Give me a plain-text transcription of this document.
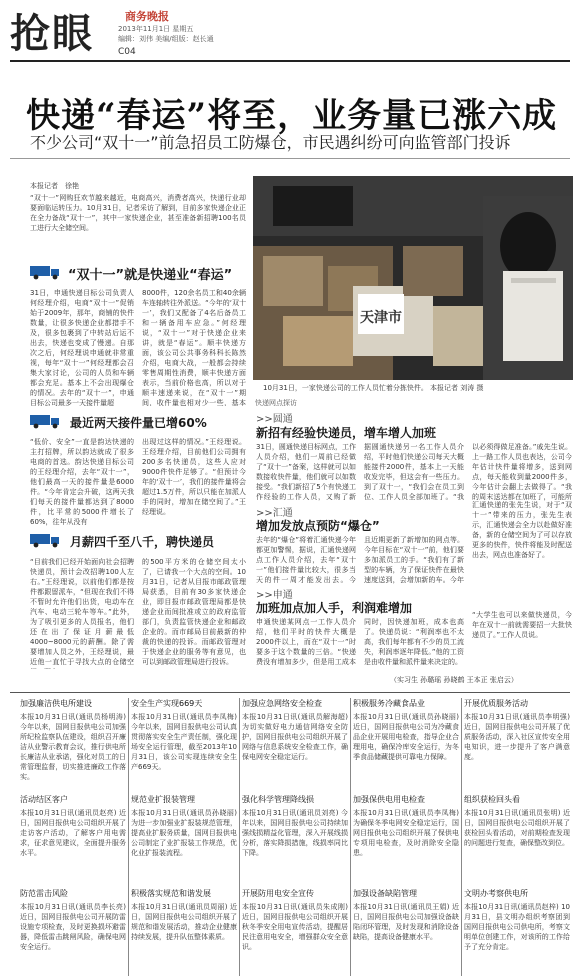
抢眼	商务晚报
2013年11月1日 星期五
编辑：刘伟 美编/组版：赵长通
C04
快递“春运”将至，业务量已涨六成
不少公司“双十一”前急招员工防爆仓，市民遇纠纷可向监管部门投诉
本报记者　徐艳
“双十一”网购狂欢节越来越近，电商高兴，消费者高兴，快递行业却要面临运转压力。10月31日，记者采访了解到，目前多家快递企业正在全力备战“双十一”，其中一家快递企业，甚至准备新招聘100名员工进行大全储空间。
“双十一”就是快递业“春运”
31日，申通快递目标公司负责人何经理介绍，电商“双十一”促销始于2009年，那年，商铺的快件数量，让很多快递企业都措手不及，很多包裹到了中转站后运不出去，快递也变成了慢递。自那次之后，何经理说申通就非常重视，每年“双十一”何经理都会召集大家讨论，公司的人员和车辆都会充足。基本上不会出现爆仓的情况。去年的“双十一”，申通目标公司最多一天接件量超
8000件，120余名员工和40余辆车连轴转往外派送。“今年的‘双十一’，我们又配备了4名后备员工和一辆备用车应急。”何经理说，“双十一”对于快递企业来讲，就是“春运”。顺丰快递方面，该公司公共事务科科长陈然介绍，电商大战，一般都会持续零售周期性消费，顺丰快递方面表示，当前价格也高，所以对于顺丰速递来说，在“双十一”期间，收件量也相对少一些，基本
最近两天接件量已增60%
“低价、安全”一直是韵达快递的主打招牌，所以韵达就成了很多电商的首选。韵达快递目标公司的王经理介绍，去年“双十一”，他们最高一天的接件量是6000件。“今年肯定会升破，这两天我们每天的接件量都达到了8000件，比平常的5000件增长了60%，往年从没有
出现过这样的情况。”王经理说。王经理介绍，目前他们公司拥有200多名快递员，这些人应对9000件快件足够了。“但预计今年的‘双十一’，我们的接件量将会超过1.5万件，所以只能在加派人手的同时，增加在储空间了。”王经理说。
月薪四千至八千，聘快递员
“目前我们已经开始面向社会招聘快递员，预计会改招聘100人左右。”王经理说，以前他们都是按件都跟留派车，“但现在我们不得不暂时允许他们出货，电动车在汽车、电动三轮车等车。”此外，为了吸引更多的人员报名，他们还在出了保证月薪最低4000~8000元的薪酬。除了需要增加人员之外，王经理说，最近他一直忙于寻找大点的仓储空
的500平方米的仓储空间太小了，已请我一个大点的空间。10月31日，记者从目报市邮政管理局获悉，目前有30多家快递企业，即目报市邮政管理局都是快递企业而间批准或立的政府监管部门，负责监管快递企业和邮政企业的。而市邮局目前最新的仲裁的快递的投诉。而邮政管理对于快递企业的服务等有意见，也可以到邮政管理局进行投诉。
天津市
10月31日，一家快递公司的工作人员忙着分拣快件。 本报记者 刘涛 摄
快递网点探访
>>圆通
新招有经验快递员，增车增人加班
31日，圆通快递目标网点，工作人员介绍，他们一周前已经做了“双十一”备案，这样就可以如数接收快件量，他们就可以如数接受。“我们新招了5个有快递工作经验的工作人员，又购了新
据圆通快递另一名工作人员介绍，平时他们快递公司每天大概能接件2000件，基本上一天能收发完毕，但这会有一些压力。到了双十一，“我们会在员工到位、工作人员全部加班了。“我
以必须得做足准备。”戚先生说。上一路工作人员也表达，公司今年估计快件量将增多，送到网点，每天能收到量2000件多，今年估计会翻上去做得了。“我的周末送达都在加班了，可能所
>>汇通
增加发放点预防“爆仓”
去年的“爆仓”将着汇通快递今年都更加警惕，据说，汇通快递网点工作人员介绍，去年“双十一”他们接件量比较大，很多当天的件一周才能发出去。今
且近期更新了新增加的网点等。今年目标在“双十一”前，他们要多加派员工的手。“我们有了新型的车辆，为了保证快件在最快速度送到，会增加新的车。今年
汇通快递的张先生说，对于“双十一”带来的压力，张先生表示，汇通快递会全力以赴做好准备，新的仓储空间为了可以存放更多的快件，快件将能及时配送出去，网点也准备好了。
>>申通
加班加点加人手，利润难增加
申通快递某网点一工作人员介绍，他们平时的快件大概是2000件以上，而在“双十一”时要多于这个数量的三倍。“快递费没有增加多少，但是用工成本
同时，因快递加班，成本也高了。快递员说：“利润率也不太高，我们每年都有不少的员工流失，利润率逐年降低。”他的工资是由收件量和派件量来决定的。
“大学生也可以来做快递员，今年在双十一前就需要招一大批快递员了。”工作人员说。
（实习生 孙璐瑶 孙晓鹤 王本正 张启云）
加强廉洁供电所建设
本报10月31日讯(通讯员杨明涛) 今年以来，国网目报供电公司加强所纪检监察队伍建设，组织召开廉洁从业警示教育会议，推行供电所长廉洁从业承诺，强化对员工的日常管理监督，切实推进廉政工作落实。
安全生产实现669天
本报10月31日讯(通讯员李凤梅) 今年以来，国网目报供电公司认真贯彻落实安全生产责任制，强化现场安全运行管理，截至2013年10月31日，该公司实现连续安全生产669天。
加强应急网络安全检查
本报10月31日讯(通讯员解海超) 为切实做好电力通信网络安全防护，国网目报供电公司组织开展了网络与信息系统安全检查工作，确保电网安全稳定运行。
积极服务冷藏食品业
本报10月31日讯(通讯员孙晓丽) 近日，国网目报供电公司为冷藏食品企业开展用电检查，指导企业合理用电，确保冷库安全运行，为冬季食品储藏提供可靠电力保障。
开展优质服务活动
本报10月31日讯(通讯员李明强) 近日，国网目报供电公司开展了优质服务活动，深入社区宣传安全用电知识，进一步提升了客户满意度。
活动结区客户
本报10月31日讯(通讯员赵亮) 近日，国网目报供电公司组织开展了走访客户活动，了解客户用电需求，征求意见建议，全面提升服务水平。
规范业扩报装管理
本报10月31日讯(通讯员孙晓丽) 为进一步加强业扩报装规范管理，提高业扩服务质量，国网目报供电公司制定了业扩报装工作规范，优化业扩报装流程。
强化科学管理降线损
本报10月31日讯(通讯员刘亮) 今年以来，国网目报供电公司持续加强线损精益化管理，深入开展线损分析，落实降损措施，线损率同比下降。
加强保供电用电检查
本报10月31日讯(通讯员李凤梅) 为确保冬季电网安全稳定运行，国网目报供电公司组织开展了保供电专项用电检查，及时消除安全隐患。
组织获检回头看
本报10月31日讯(通讯员张明) 近日，国网目报供电公司组织开展了获检回头看活动，对前期检查发现的问题进行复查，确保整改到位。
防范雷击风险
本报10月31日讯(通讯员李长亮) 近日，国网目报供电公司开展防雷设施专项检查，及时更换损坏避雷器，降低雷击跳闸风险，确保电网安全运行。
积极落实规范和谐发展
本报10月31日讯(通讯员周丽) 近日，国网目报供电公司组织开展了规范和谐发展活动，推动企业健康持续发展，提升队伍整体素质。
开展防用电安全宣传
本报10月31日讯(通讯员朱成刚) 近日，国网目报供电公司组织开展秋冬季安全用电宣传活动，提醒居民注意用电安全，增强群众安全意识。
加强设备缺陷管理
本报10月31日讯(通讯员王娟) 近日，国网目报供电公司加强设备缺陷闭环管理，及时发现和消除设备缺陷，提高设备健康水平。
文明办考察供电所
本报10月31日讯(通讯员赵梓) 10月31日，县文明办组织考察团到国网目报供电公司供电所，考察文明单位创建工作，对该所的工作给予了充分肯定。
